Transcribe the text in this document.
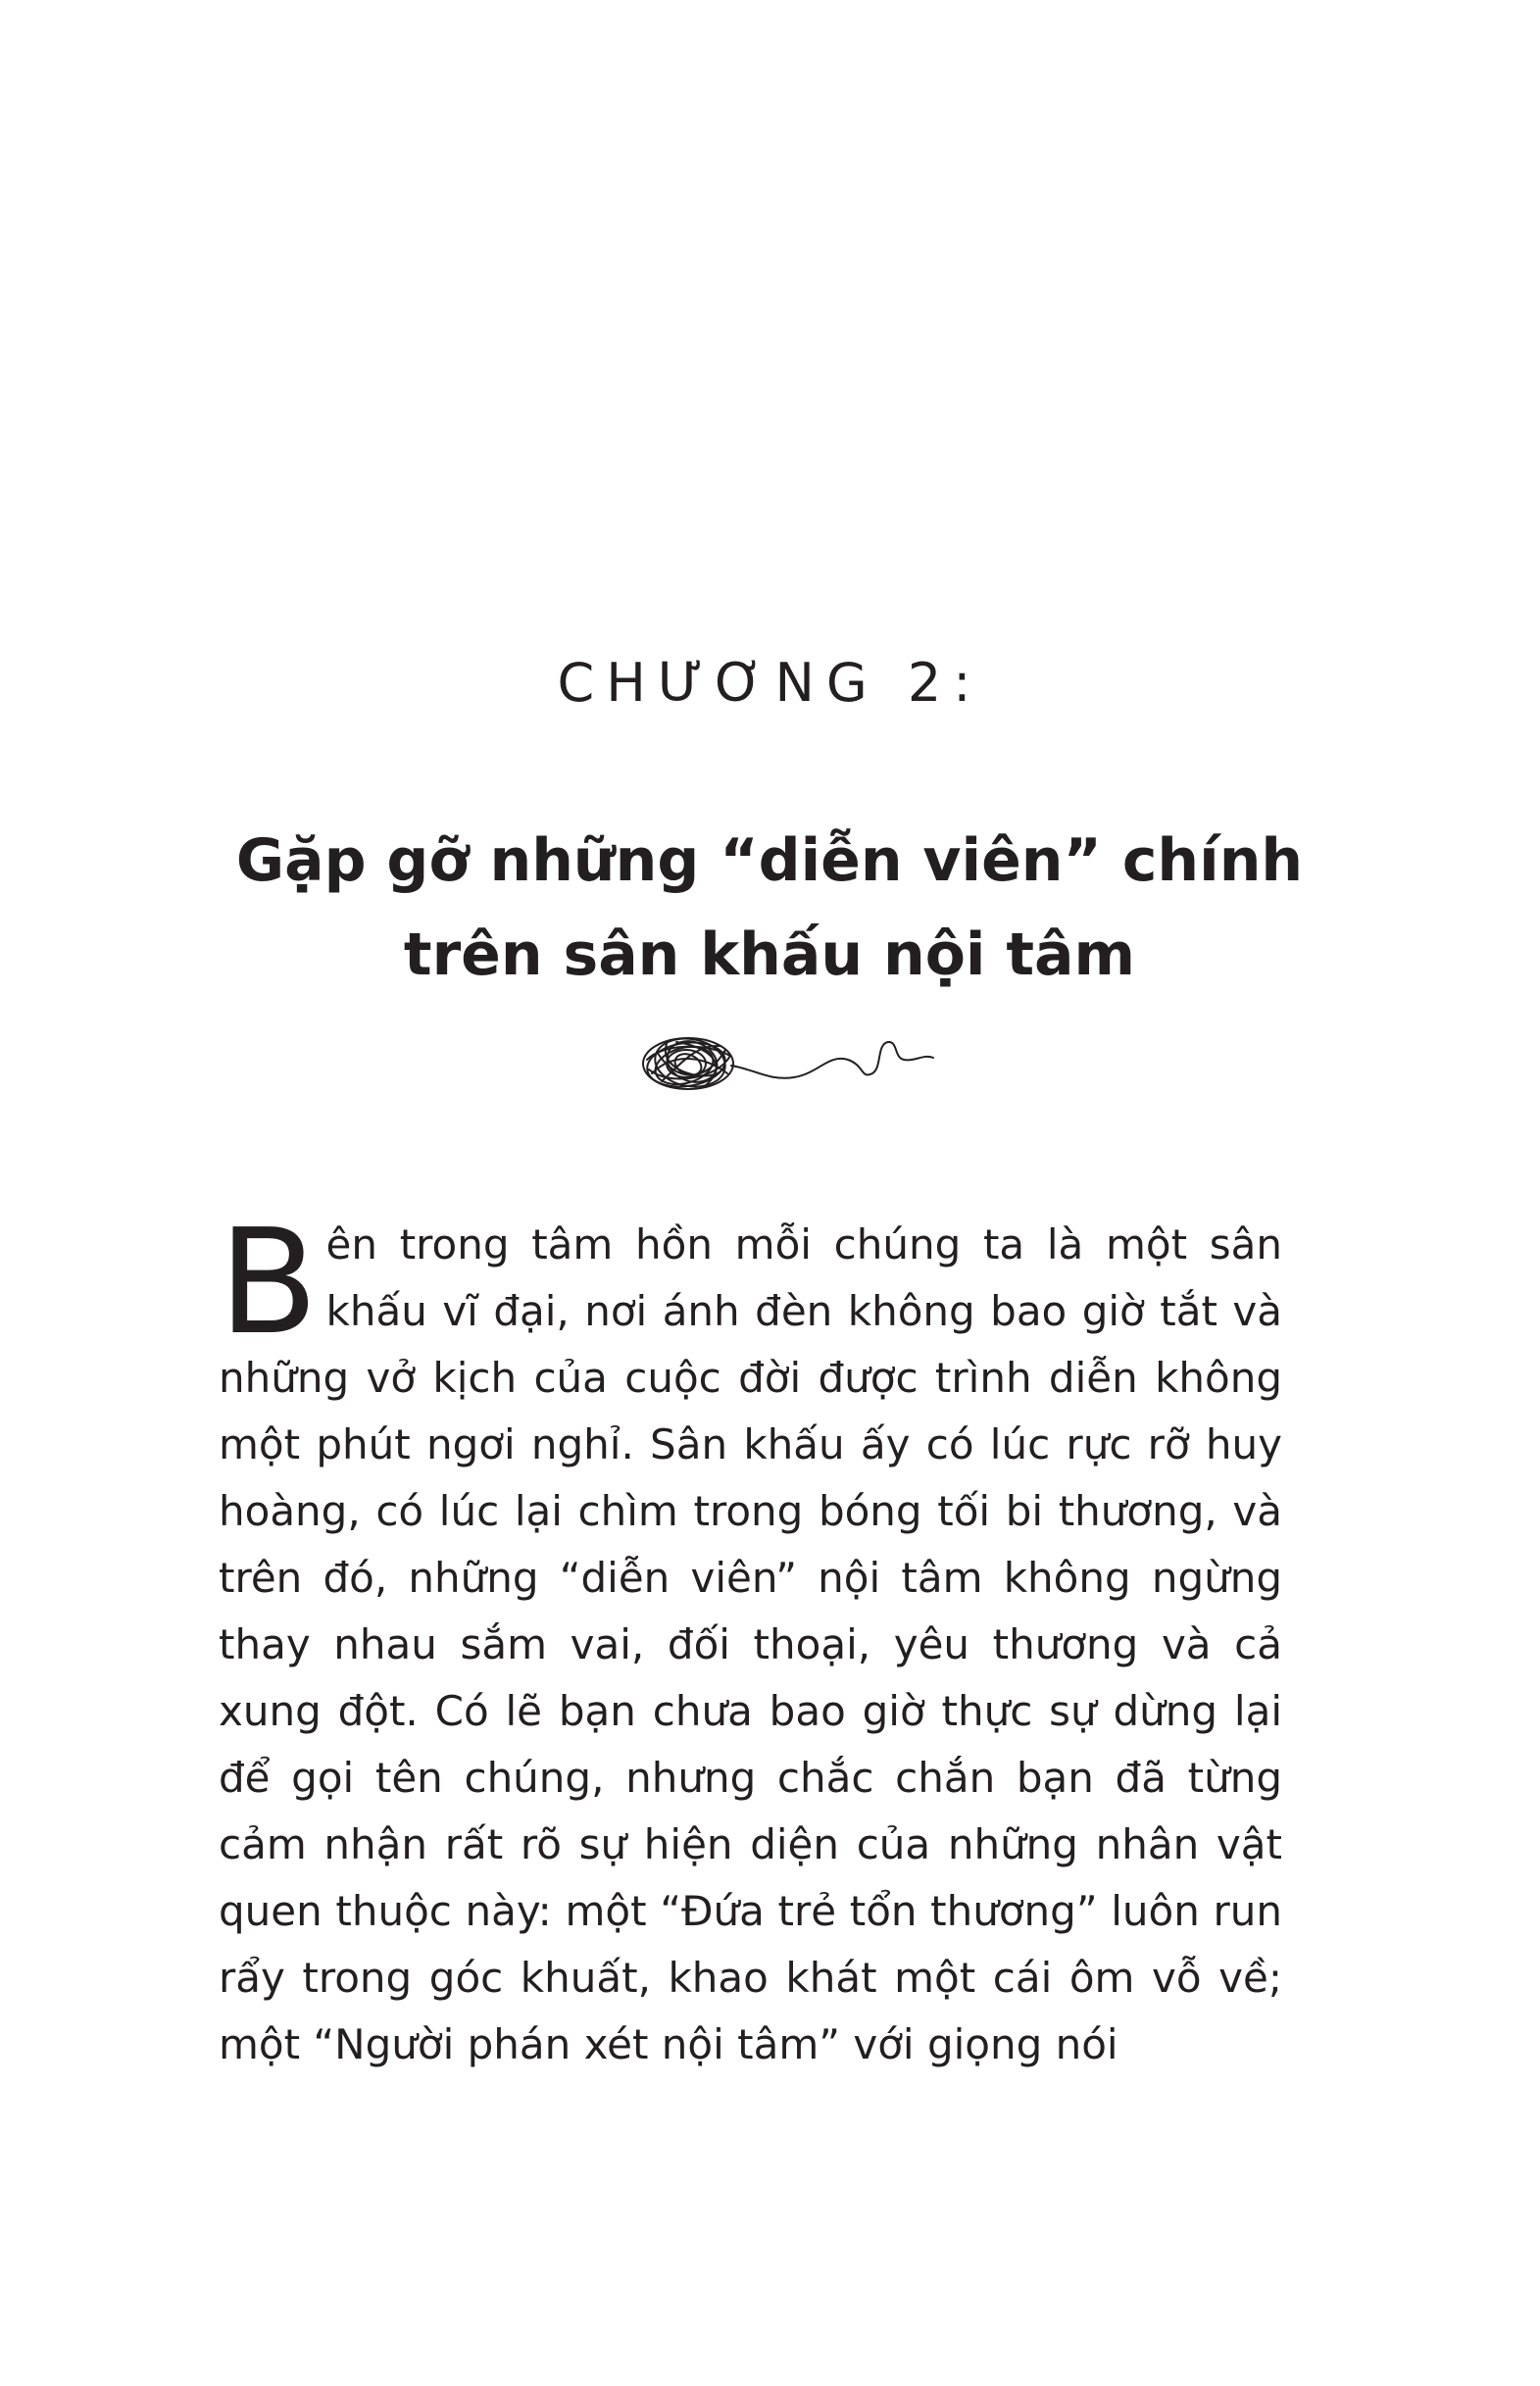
CHƯƠNG 2:
Gặp gỡ những “diễn viên” chính
trên sân khấu nội tâm

Bên trong tâm hồn mỗi chúng ta là một sân khấu vĩ đại, nơi ánh đèn không bao giờ tắt và những vở kịch của cuộc đời được trình diễn không một phút ngơi nghỉ. Sân khấu ấy có lúc rực rỡ huy hoàng, có lúc lại chìm trong bóng tối bi thương, và trên đó, những “diễn viên” nội tâm không ngừng thay nhau sắm vai, đối thoại, yêu thương và cả xung đột. Có lẽ bạn chưa bao giờ thực sự dừng lại để gọi tên chúng, nhưng chắc chắn bạn đã từng cảm nhận rất rõ sự hiện diện của những nhân vật quen thuộc này: một “Đứa trẻ tổn thương” luôn run rẩy trong góc khuất, khao khát một cái ôm vỗ về; một “Người phán xét nội tâm” với giọng nói
